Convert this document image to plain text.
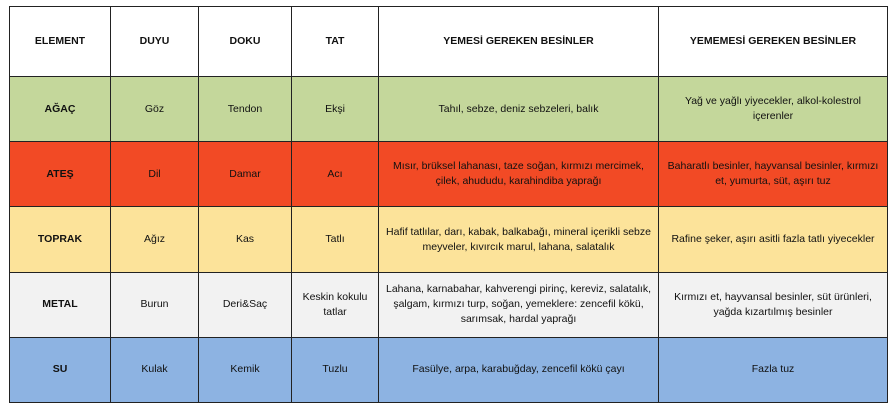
ELEMENT	DUYU	DOKU	TAT	YEMESİ GEREKEN BESİNLER	YEMEMESİ GEREKEN BESİNLER
AĞAÇ	Göz	Tendon	Ekşi	Tahıl, sebze, deniz sebzeleri, balık	Yağ ve yağlı yiyecekler, alkol-kolestrol içerenler
ATEŞ	Dil	Damar	Acı	Mısır, brüksel lahanası, taze soğan, kırmızı mercimek, çilek, ahududu, karahindiba yaprağı	Baharatlı besinler, hayvansal besinler, kırmızı et, yumurta, süt, aşırı tuz
TOPRAK	Ağız	Kas	Tatlı	Hafif tatlılar, darı, kabak, balkabağı, mineral içerikli sebze meyveler, kıvırcık marul, lahana, salatalık	Rafine şeker, aşırı asitli fazla tatlı yiyecekler
METAL	Burun	Deri&Saç	Keskin kokulu tatlar	Lahana, karnabahar, kahverengi pirinç, kereviz, salatalık, şalgam, kırmızı turp, soğan, yemeklere: zencefil kökü, sarımsak, hardal yaprağı	Kırmızı et, hayvansal besinler, süt ürünleri, yağda kızartılmış besinler
SU	Kulak	Kemik	Tuzlu	Fasülye, arpa, karabuğday, zencefil kökü çayı	Fazla tuz
